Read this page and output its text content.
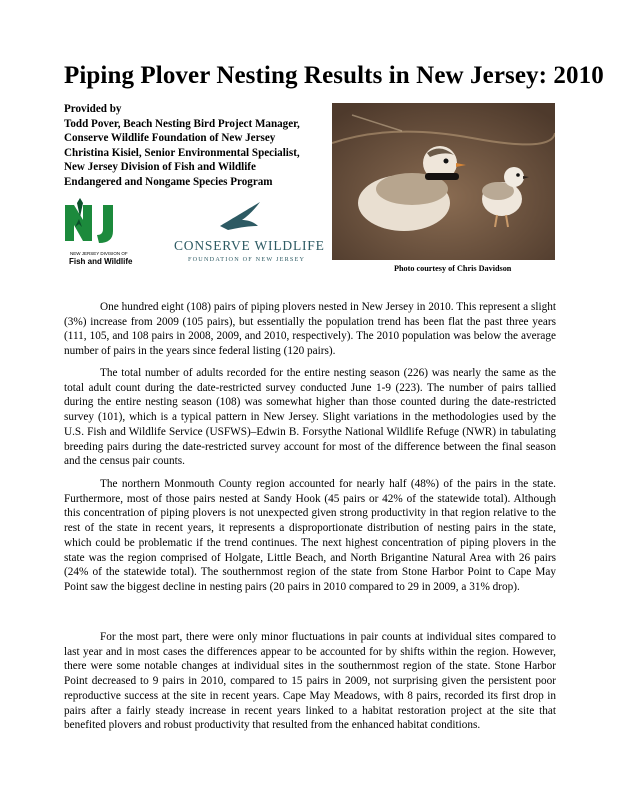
Piping Plover Nesting Results in New Jersey: 2010
Provided by
Todd Pover, Beach Nesting Bird Project Manager,
Conserve Wildlife Foundation of New Jersey
Christina Kisiel, Senior Environmental Specialist,
New Jersey Division of Fish and Wildlife
Endangered and Nongame Species Program
NEW JERSEY DIVISION OF
Fish and Wildlife
CONSERVE WILDLIFE
FOUNDATION OF NEW JERSEY
Photo courtesy of Chris Davidson

One hundred eight (108) pairs of piping plovers nested in New Jersey in 2010. This represent a slight (3%) increase from 2009 (105 pairs), but essentially the population trend has been flat the past three years (111, 105, and 108 pairs in 2008, 2009, and 2010, respectively). The 2010 population was below the average number of pairs in the years since federal listing (120 pairs).

The total number of adults recorded for the entire nesting season (226) was nearly the same as the total adult count during the date-restricted survey conducted June 1-9 (223). The number of pairs tallied during the entire nesting season (108) was somewhat higher than those counted during the date-restricted survey (101), which is a typical pattern in New Jersey. Slight variations in the methodologies used by the U.S. Fish and Wildlife Service (USFWS)–Edwin B. Forsythe National Wildlife Refuge (NWR) in tabulating breeding pairs during the date-restricted survey account for most of the difference between the final season and the census pair counts.

The northern Monmouth County region accounted for nearly half (48%) of the pairs in the state. Furthermore, most of those pairs nested at Sandy Hook (45 pairs or 42% of the statewide total). Although this concentration of piping plovers is not unexpected given strong productivity in that region relative to the rest of the state in recent years, it represents a disproportionate distribution of nesting pairs in the state, which could be problematic if the trend continues. The next highest concentration of piping plovers in the state was the region comprised of Holgate, Little Beach, and North Brigantine Natural Area with 26 pairs (24% of the statewide total). The southernmost region of the state from Stone Harbor Point to Cape May Point saw the biggest decline in nesting pairs (20 pairs in 2010 compared to 29 in 2009, a 31% drop).

For the most part, there were only minor fluctuations in pair counts at individual sites compared to last year and in most cases the differences appear to be accounted for by shifts within the region. However, there were some notable changes at individual sites in the southernmost region of the state. Stone Harbor Point decreased to 9 pairs in 2010, compared to 15 pairs in 2009, not surprising given the persistent poor reproductive success at the site in recent years. Cape May Meadows, with 8 pairs, recorded its first drop in pairs after a fairly steady increase in recent years linked to a habitat restoration project at the site that benefited plovers and robust productivity that resulted from the enhanced habitat conditions.
